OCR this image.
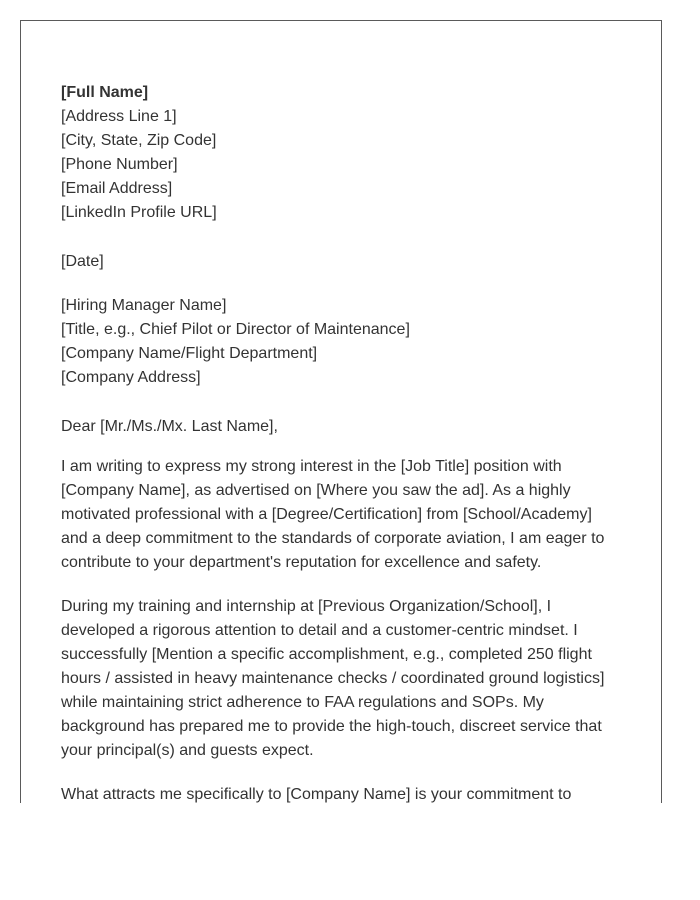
[Full Name]
[Address Line 1]
[City, State, Zip Code]
[Phone Number]
[Email Address]
[LinkedIn Profile URL]
[Date]
[Hiring Manager Name]
[Title, e.g., Chief Pilot or Director of Maintenance]
[Company Name/Flight Department]
[Company Address]
Dear [Mr./Ms./Mx. Last Name],
I am writing to express my strong interest in the [Job Title] position with
[Company Name], as advertised on [Where you saw the ad]. As a highly
motivated professional with a [Degree/Certification] from [School/Academy]
and a deep commitment to the standards of corporate aviation, I am eager to
contribute to your department's reputation for excellence and safety.
During my training and internship at [Previous Organization/School], I
developed a rigorous attention to detail and a customer-centric mindset. I
successfully [Mention a specific accomplishment, e.g., completed 250 flight
hours / assisted in heavy maintenance checks / coordinated ground logistics]
while maintaining strict adherence to FAA regulations and SOPs. My
background has prepared me to provide the high-touch, discreet service that
your principal(s) and guests expect.
What attracts me specifically to [Company Name] is your commitment to
